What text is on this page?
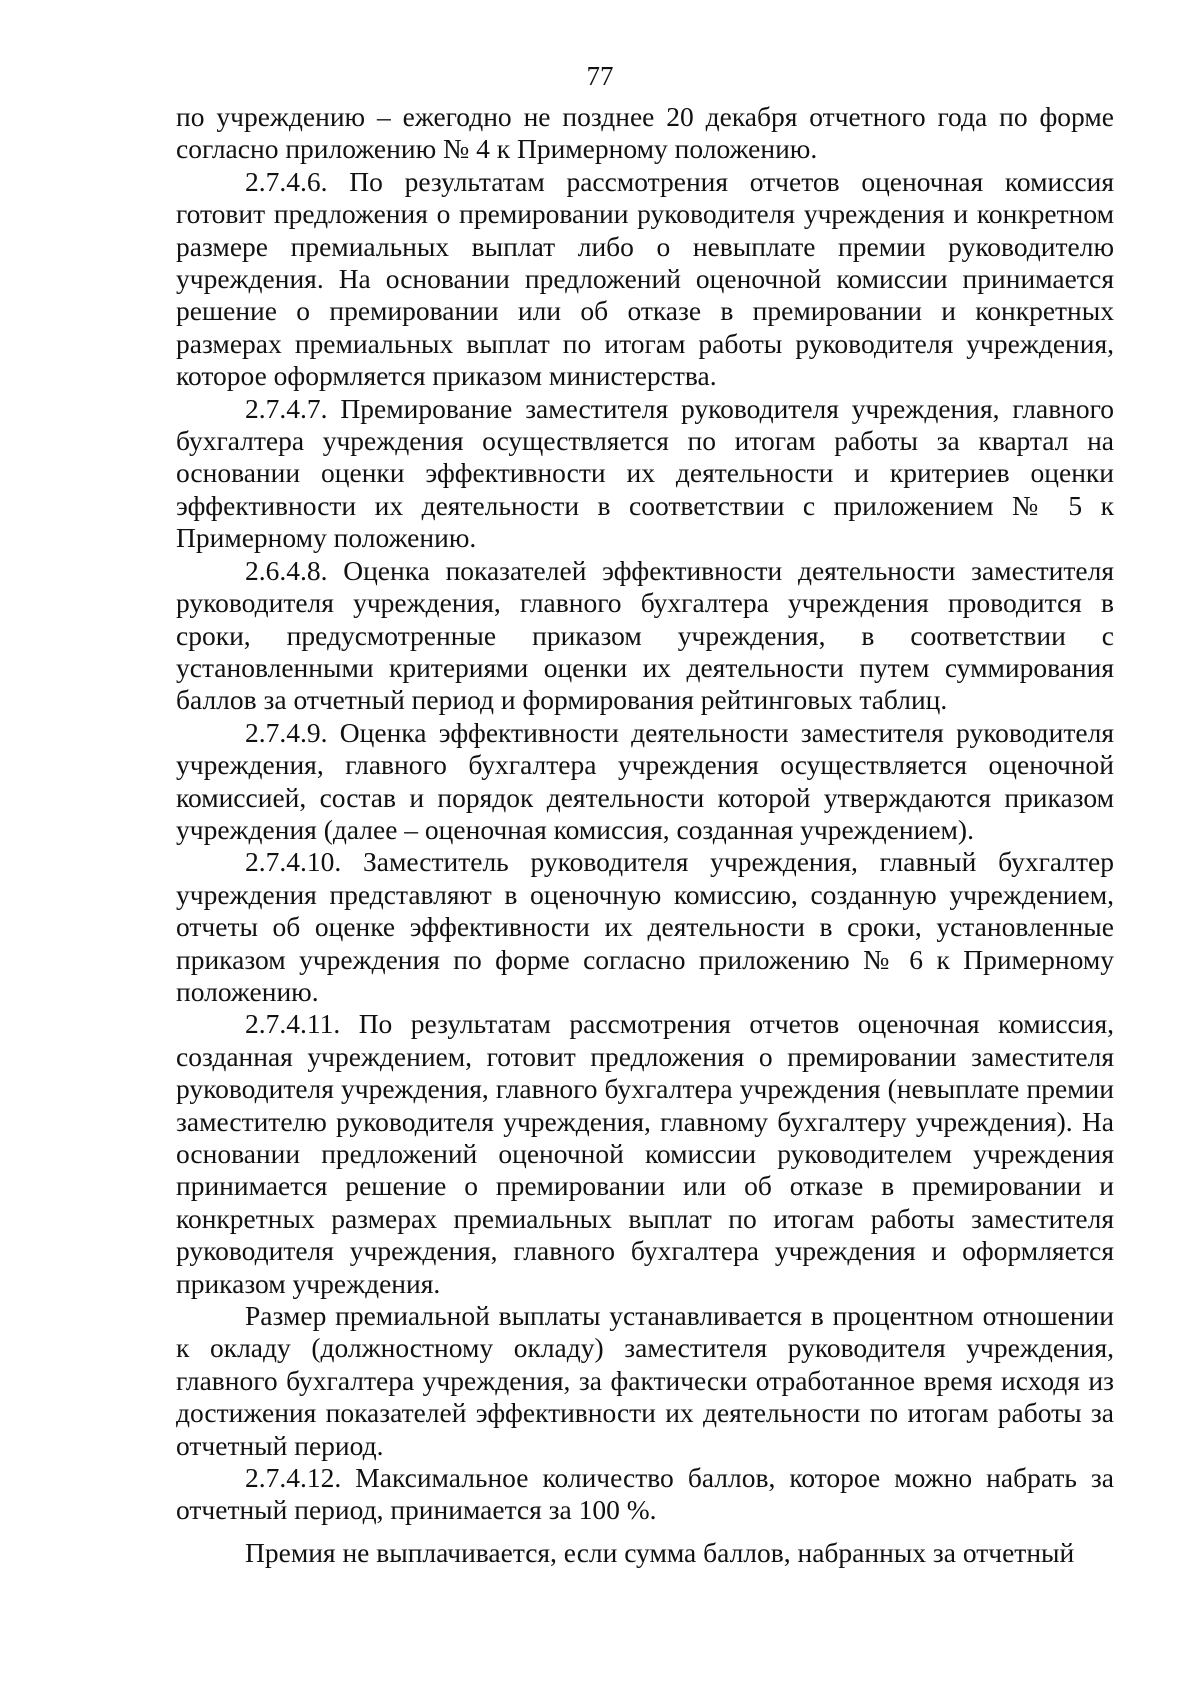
77

по учреждению – ежегодно не позднее 20 декабря отчетного года по форме согласно приложению № 4 к Примерному положению.

2.7.4.6. По результатам рассмотрения отчетов оценочная комиссия готовит предложения о премировании руководителя учреждения и конкретном размере премиальных выплат либо о невыплате премии руководителю учреждения. На основании предложений оценочной комиссии принимается решение о премировании или об отказе в премировании и конкретных размерах премиальных выплат по итогам работы руководителя учреждения, которое оформляется приказом министерства.

2.7.4.7. Премирование заместителя руководителя учреждения, главного бухгалтера учреждения осуществляется по итогам работы за квартал на основании оценки эффективности их деятельности и критериев оценки эффективности их деятельности в соответствии с приложением № 5 к Примерному положению.

2.6.4.8. Оценка показателей эффективности деятельности заместителя руководителя учреждения, главного бухгалтера учреждения проводится в сроки, предусмотренные приказом учреждения, в соответствии с установленными критериями оценки их деятельности путем суммирования баллов за отчетный период и формирования рейтинговых таблиц.

2.7.4.9. Оценка эффективности деятельности заместителя руководителя учреждения, главного бухгалтера учреждения осуществляется оценочной комиссией, состав и порядок деятельности которой утверждаются приказом учреждения (далее – оценочная комиссия, созданная учреждением).

2.7.4.10. Заместитель руководителя учреждения, главный бухгалтер учреждения представляют в оценочную комиссию, созданную учреждением, отчеты об оценке эффективности их деятельности в сроки, установленные приказом учреждения по форме согласно приложению № 6 к Примерному положению.

2.7.4.11. По результатам рассмотрения отчетов оценочная комиссия, созданная учреждением, готовит предложения о премировании заместителя руководителя учреждения, главного бухгалтера учреждения (невыплате премии заместителю руководителя учреждения, главному бухгалтеру учреждения). На основании предложений оценочной комиссии руководителем учреждения принимается решение о премировании или об отказе в премировании и конкретных размерах премиальных выплат по итогам работы заместителя руководителя учреждения, главного бухгалтера учреждения и оформляется приказом учреждения.

Размер премиальной выплаты устанавливается в процентном отношении к окладу (должностному окладу) заместителя руководителя учреждения, главного бухгалтера учреждения, за фактически отработанное время исходя из достижения показателей эффективности их деятельности по итогам работы за отчетный период.

2.7.4.12. Максимальное количество баллов, которое можно набрать за отчетный период, принимается за 100 %.

Премия не выплачивается, если сумма баллов, набранных за отчетный
